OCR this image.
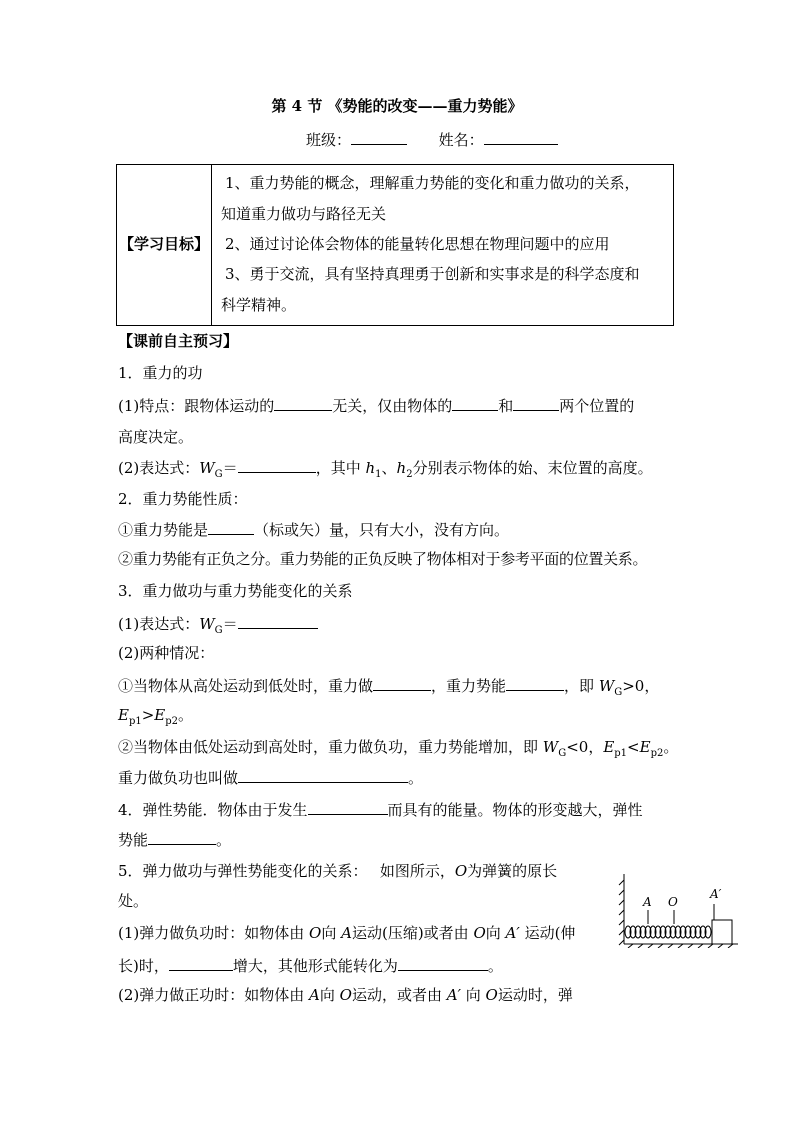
第 4 节 《势能的改变——重力势能》
班级：	姓名：
【学习目标】
1、重力势能的概念，理解重力势能的变化和重力做功的关系，
知道重力做功与路径无关
2、通过讨论体会物体的能量转化思想在物理问题中的应用
3、勇于交流，具有坚持真理勇于创新和实事求是的科学态度和
科学精神。
【课前自主预习】
1．重力的功
(1)特点：跟物体运动的	无关，仅由物体的	和	两个位置的
高度决定。
(2)表达式：$W_G=$	，其中 $h_1$、$h_2$分别表示物体的始、末位置的高度。
2．重力势能性质：
①重力势能是	（标或矢）量，只有大小，没有方向。
②重力势能有正负之分。重力势能的正负反映了物体相对于参考平面的位置关系。
3．重力做功与重力势能变化的关系
(1)表达式：$W_G=$
(2)两种情况：
①当物体从高处运动到低处时，重力做	，重力势能	，即 $W_G>0$，
$E_{p1}>E_{p2}$。
②当物体由低处运动到高处时，重力做负功，重力势能增加，即 $W_G<0$，$E_{p1}<E_{p2}$。
重力做负功也叫做	。
4．弹性势能．物体由于发生	而具有的能量。物体的形变越大，弹性
势能	。
5．弹力做功与弹性势能变化的关系：　 如图所示，O为弹簧的原长
处。
(1)弹力做负功时：如物体由 O向 A运动(压缩)或者由 O向 A′ 运动(伸
长)时，	增大，其他形式能转化为	。
(2)弹力做正功时：如物体由 A向 O运动，或者由 A′ 向 O运动时，弹
A O
A′
